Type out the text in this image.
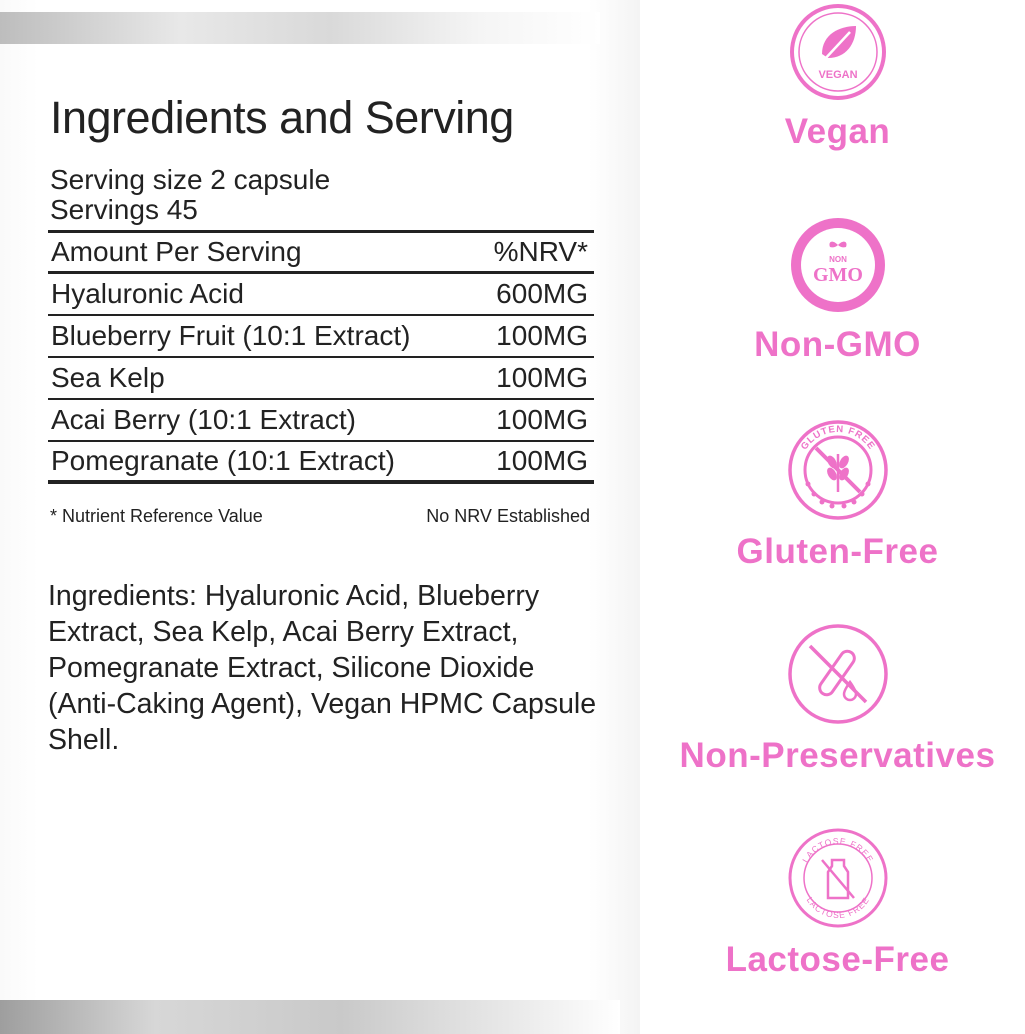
Ingredients and Serving
Serving size 2 capsule
Servings 45
Amount Per Serving	%NRV*
Hyaluronic Acid	600MG
Blueberry Fruit (10:1 Extract)	100MG
Sea Kelp	100MG
Acai Berry (10:1 Extract)	100MG
Pomegranate (10:1 Extract)	100MG
* Nutrient Reference Value	No NRV Established
Ingredients: Hyaluronic Acid, Blueberry Extract, Sea Kelp, Acai Berry Extract, Pomegranate Extract, Silicone Dioxide (Anti-Caking Agent), Vegan HPMC Capsule Shell.
VEGAN
Vegan
NON
GMO
Non-GMO
GLUTEN FREE
Gluten-Free
Non-Preservatives
LACTOSE FREE
LACTOSE FREE
Lactose-Free
